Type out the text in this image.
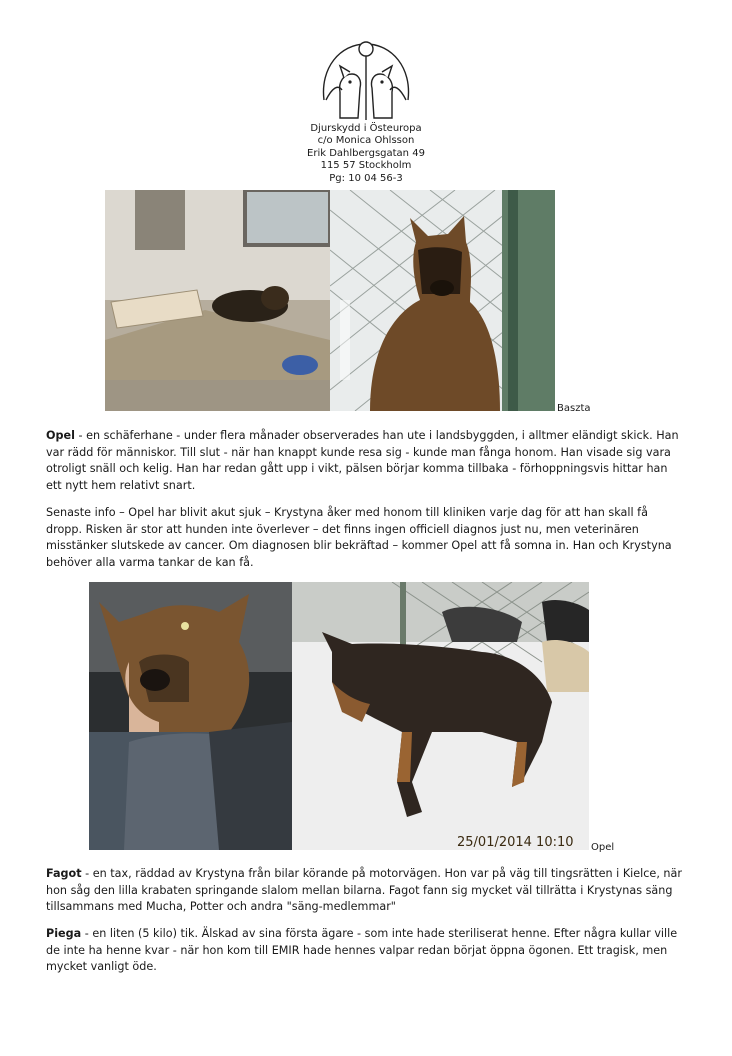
Djurskydd i Östeuropa
c/o Monica Ohlsson
Erik Dahlbergsgatan 49
115 57 Stockholm
Pg: 10 04 56-3
Baszta
Opel - en schäferhane - under flera månader observerades han ute i landsbyggden, i alltmer eländigt skick. Han var rädd för människor. Till slut - när han knappt kunde resa sig - kunde man fånga honom. Han visade sig vara otroligt snäll och kelig. Han har redan gått upp i vikt, pälsen börjar komma tillbaka - förhoppningsvis hittar han ett nytt hem relativt snart.
Senaste info – Opel har blivit akut sjuk – Krystyna åker med honom till kliniken varje dag för att han skall få dropp. Risken är stor att hunden inte överlever – det finns ingen officiell diagnos just nu, men veterinären misstänker slutskede av cancer. Om diagnosen blir bekräftad – kommer Opel att få somna in. Han och Krystyna behöver alla varma tankar de kan få.
25/01/2014 10:10 Opel
Fagot - en tax, räddad av Krystyna från bilar körande på motorvägen. Hon var på väg till tingsrätten i Kielce, när hon såg den lilla krabaten springande slalom mellan bilarna. Fagot fann sig mycket väl tillrätta i Krystynas säng tillsammans med Mucha, Potter och andra "säng-medlemmar"
Piega - en liten (5 kilo) tik. Älskad av sina första ägare - som inte hade steriliserat henne. Efter några kullar ville de inte ha henne kvar - när hon kom till EMIR hade hennes valpar redan börjat öppna ögonen. Ett tragisk, men mycket vanligt öde.
